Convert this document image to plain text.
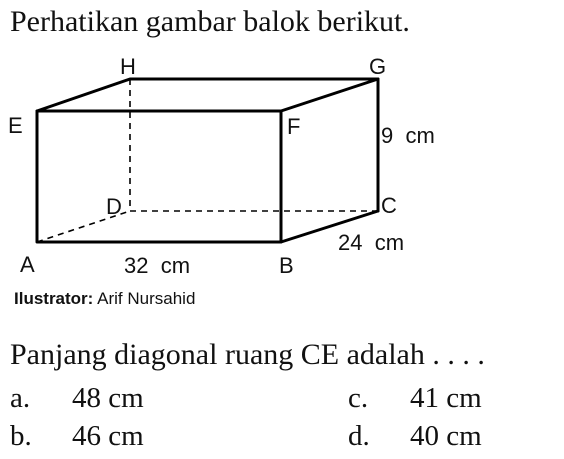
Perhatikan gambar balok berikut.
H	G
E	F
D	C
A	B
9  cm
24  cm
32  cm
Ilustrator: Arif Nursahid
Panjang diagonal ruang CE adalah . . . .
a. 48 cm
b. 46 cm
c. 41 cm
d. 40 cm
